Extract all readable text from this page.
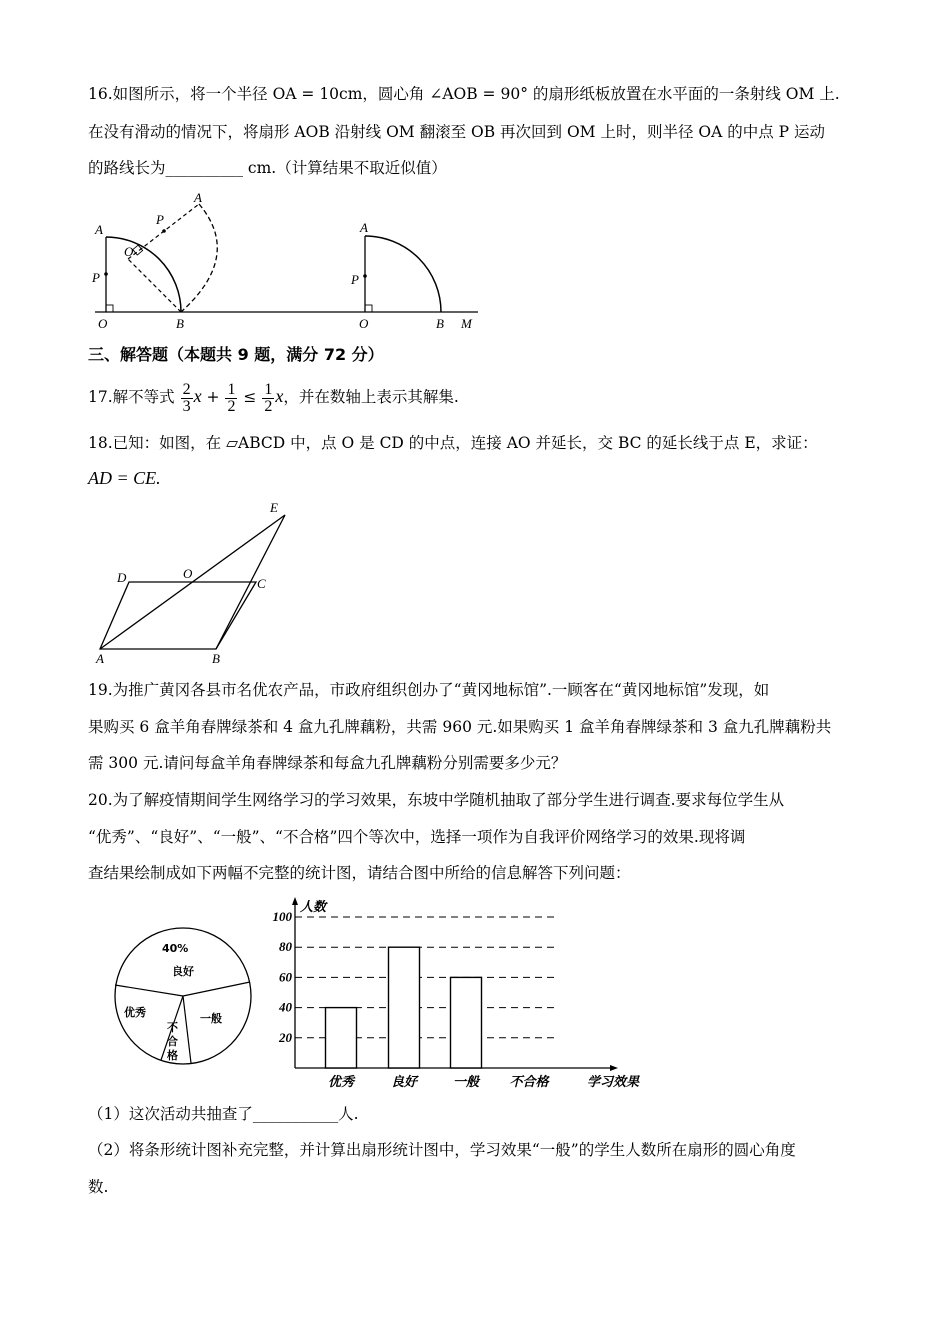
16.如图所示，将一个半径 OA = 10cm，圆心角 ∠AOB = 90° 的扇形纸板放置在水平面的一条射线 OM 上.
在没有滑动的情况下，将扇形 AOB 沿射线 OM 翻滚至 OB 再次回到 OM 上时，则半径 OA 的中点 P 运动
的路线长为__________ cm.（计算结果不取近似值）
A
P
O	B
O
P
A
A
P
O	B M
三、解答题（本题共 9 题，满分 72 分）
17.解不等式 $\frac{2}{3}$ $x + \frac{1}{2} \le \frac{1}{2}$ x，并在数轴上表示其解集.
18.已知：如图，在 ▱ABCD 中，点 O 是 CD 的中点，连接 AO 并延长，交 BC 的延长线于点 E，求证：
AD = CE.
A	B
C
D	O
E
19.为推广黄冈各县市名优农产品，市政府组织创办了“黄冈地标馆”.一顾客在“黄冈地标馆”发现，如
果购买 6 盒羊角春牌绿茶和 4 盒九孔牌藕粉，共需 960 元.如果购买 1 盒羊角春牌绿茶和 3 盒九孔牌藕粉共
需 300 元.请问每盒羊角春牌绿茶和每盒九孔牌藕粉分别需要多少元？
20.为了解疫情期间学生网络学习的学习效果，东坡中学随机抽取了部分学生进行调查.要求每位学生从
“优秀”、“良好”、“一般”、“不合格”四个等次中，选择一项作为自我评价网络学习的效果.现将调
查结果绘制成如下两幅不完整的统计图，请结合图中所给的信息解答下列问题：
40%
良好
优秀
不
合
格
一般
20
40
60
80
100
人数
学习效果
优秀	良好	一般 不合格
（1）这次活动共抽查了___________人.
（2）将条形统计图补充完整，并计算出扇形统计图中，学习效果“一般”的学生人数所在扇形的圆心角度
数.
